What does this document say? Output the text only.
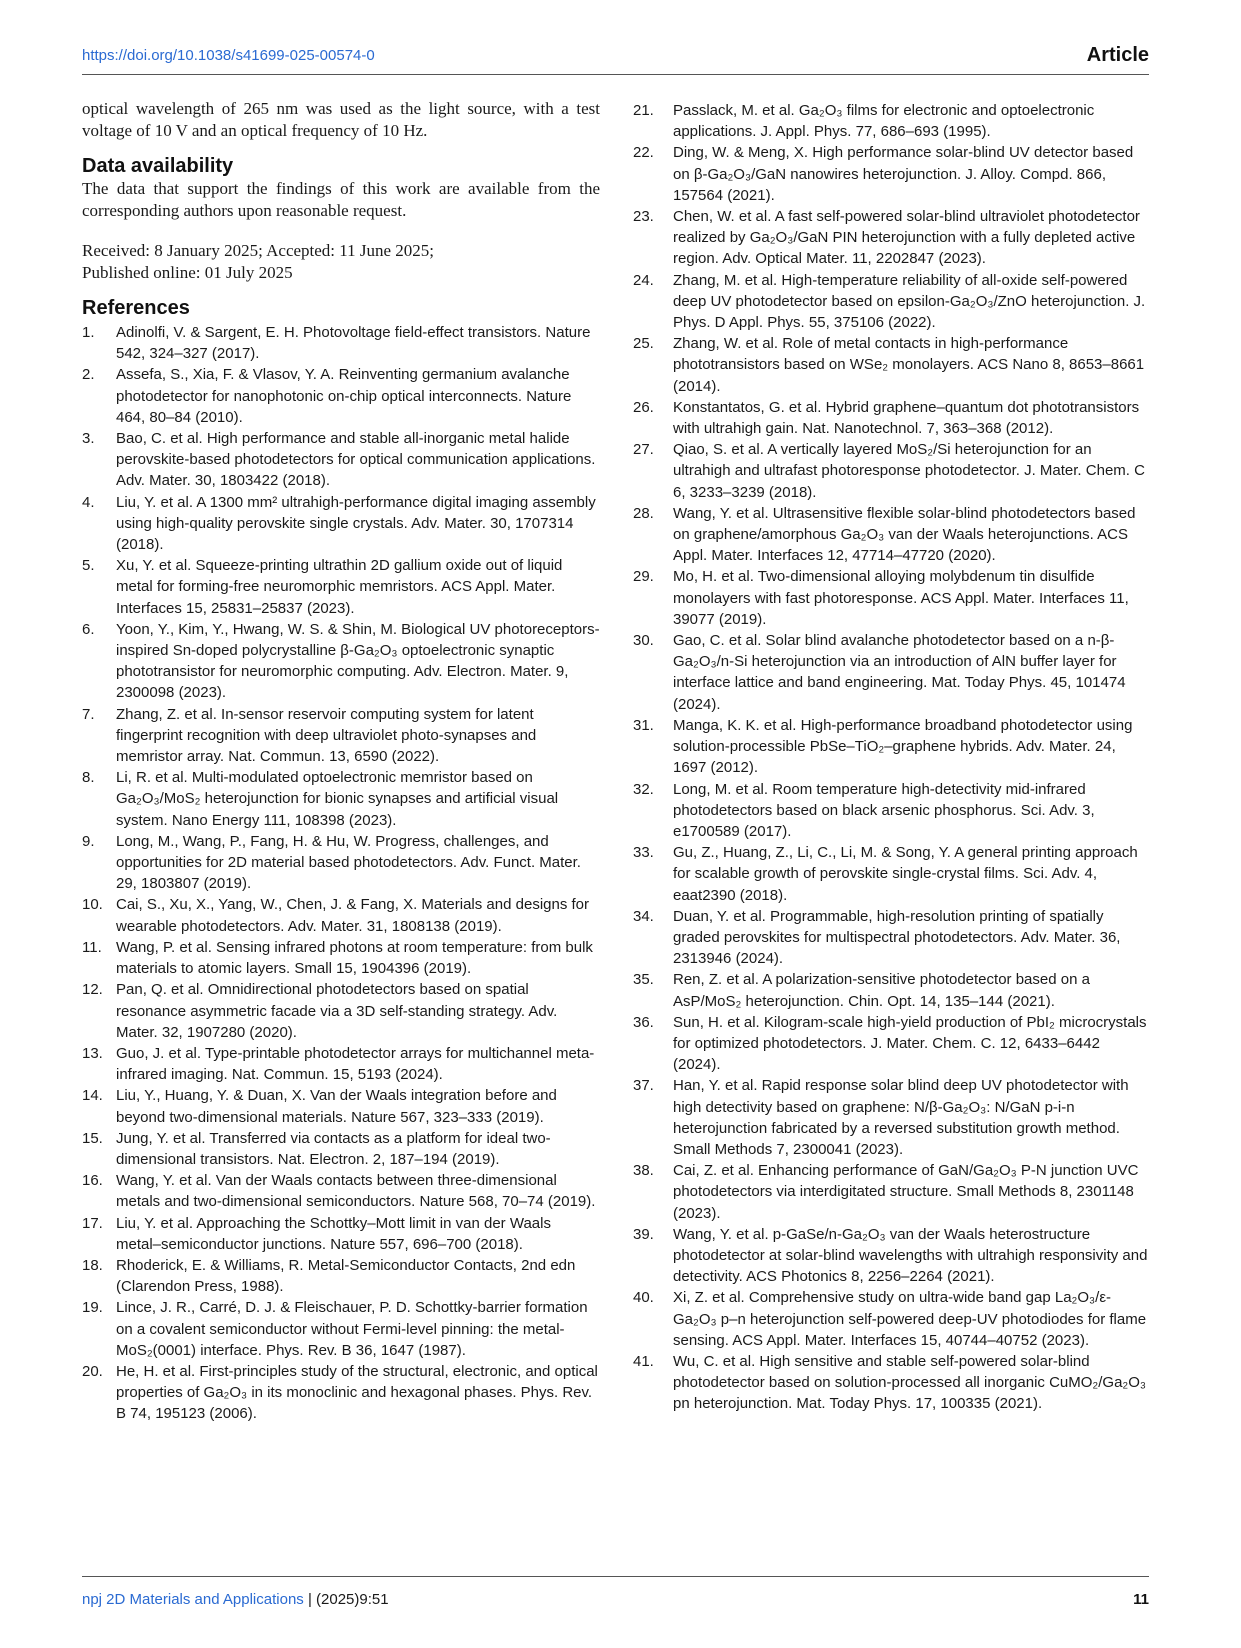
https://doi.org/10.1038/s41699-025-00574-0	Article

optical wavelength of 265 nm was used as the light source, with a test voltage of 10 V and an optical frequency of 10 Hz.

Data availability

The data that support the findings of this work are available from the corresponding authors upon reasonable request.

Received: 8 January 2025; Accepted: 11 June 2025;

Published online: 01 July 2025

References
1.	Adinolfi, V. & Sargent, E. H. Photovoltage field-effect transistors. Nature 542, 324–327 (2017).
2.	Assefa, S., Xia, F. & Vlasov, Y. A. Reinventing germanium avalanche photodetector for nanophotonic on-chip optical interconnects. Nature 464, 80–84 (2010).
3.	Bao, C. et al. High performance and stable all-inorganic metal halide perovskite-based photodetectors for optical communication applications. Adv. Mater. 30, 1803422 (2018).
4.	Liu, Y. et al. A 1300 mm² ultrahigh-performance digital imaging assembly using high-quality perovskite single crystals. Adv. Mater. 30, 1707314 (2018).
5.	Xu, Y. et al. Squeeze-printing ultrathin 2D gallium oxide out of liquid metal for forming-free neuromorphic memristors. ACS Appl. Mater. Interfaces 15, 25831–25837 (2023).
6.	Yoon, Y., Kim, Y., Hwang, W. S. & Shin, M. Biological UV photoreceptors-inspired Sn-doped polycrystalline β-Ga₂O₃ optoelectronic synaptic phototransistor for neuromorphic computing. Adv. Electron. Mater. 9, 2300098 (2023).
7.	Zhang, Z. et al. In-sensor reservoir computing system for latent fingerprint recognition with deep ultraviolet photo-synapses and memristor array. Nat. Commun. 13, 6590 (2022).
8.	Li, R. et al. Multi-modulated optoelectronic memristor based on Ga₂O₃/MoS₂ heterojunction for bionic synapses and artificial visual system. Nano Energy 111, 108398 (2023).
9.	Long, M., Wang, P., Fang, H. & Hu, W. Progress, challenges, and opportunities for 2D material based photodetectors. Adv. Funct. Mater. 29, 1803807 (2019).
10. Cai, S., Xu, X., Yang, W., Chen, J. & Fang, X. Materials and designs for wearable photodetectors. Adv. Mater. 31, 1808138 (2019).
11. Wang, P. et al. Sensing infrared photons at room temperature: from bulk materials to atomic layers. Small 15, 1904396 (2019).
12. Pan, Q. et al. Omnidirectional photodetectors based on spatial resonance asymmetric facade via a 3D self-standing strategy. Adv. Mater. 32, 1907280 (2020).
13. Guo, J. et al. Type-printable photodetector arrays for multichannel meta-infrared imaging. Nat. Commun. 15, 5193 (2024).
14. Liu, Y., Huang, Y. & Duan, X. Van der Waals integration before and beyond two-dimensional materials. Nature 567, 323–333 (2019).
15. Jung, Y. et al. Transferred via contacts as a platform for ideal two-dimensional transistors. Nat. Electron. 2, 187–194 (2019).
16. Wang, Y. et al. Van der Waals contacts between three-dimensional metals and two-dimensional semiconductors. Nature 568, 70–74 (2019).
17. Liu, Y. et al. Approaching the Schottky–Mott limit in van der Waals metal–semiconductor junctions. Nature 557, 696–700 (2018).
18. Rhoderick, E. & Williams, R. Metal-Semiconductor Contacts, 2nd edn (Clarendon Press, 1988).
19. Lince, J. R., Carré, D. J. & Fleischauer, P. D. Schottky-barrier formation on a covalent semiconductor without Fermi-level pinning: the metal-MoS₂(0001) interface. Phys. Rev. B 36, 1647 (1987).
20. He, H. et al. First-principles study of the structural, electronic, and optical properties of Ga₂O₃ in its monoclinic and hexagonal phases. Phys. Rev. B 74, 195123 (2006).
21.	Passlack, M. et al. Ga₂O₃ films for electronic and optoelectronic applications. J. Appl. Phys. 77, 686–693 (1995).
22.	Ding, W. & Meng, X. High performance solar-blind UV detector based on β-Ga₂O₃/GaN nanowires heterojunction. J. Alloy. Compd. 866, 157564 (2021).
23.	Chen, W. et al. A fast self-powered solar-blind ultraviolet photodetector realized by Ga₂O₃/GaN PIN heterojunction with a fully depleted active region. Adv. Optical Mater. 11, 2202847 (2023).
24.	Zhang, M. et al. High-temperature reliability of all-oxide self-powered deep UV photodetector based on epsilon-Ga₂O₃/ZnO heterojunction. J. Phys. D Appl. Phys. 55, 375106 (2022).
25.	Zhang, W. et al. Role of metal contacts in high-performance phototransistors based on WSe₂ monolayers. ACS Nano 8, 8653–8661 (2014).
26.	Konstantatos, G. et al. Hybrid graphene–quantum dot phototransistors with ultrahigh gain. Nat. Nanotechnol. 7, 363–368 (2012).
27.	Qiao, S. et al. A vertically layered MoS₂/Si heterojunction for an ultrahigh and ultrafast photoresponse photodetector. J. Mater. Chem. C 6, 3233–3239 (2018).
28.	Wang, Y. et al. Ultrasensitive flexible solar-blind photodetectors based on graphene/amorphous Ga₂O₃ van der Waals heterojunctions. ACS Appl. Mater. Interfaces 12, 47714–47720 (2020).
29.	Mo, H. et al. Two-dimensional alloying molybdenum tin disulfide monolayers with fast photoresponse. ACS Appl. Mater. Interfaces 11, 39077 (2019).
30.	Gao, C. et al. Solar blind avalanche photodetector based on a n-β-Ga₂O₃/n-Si heterojunction via an introduction of AlN buffer layer for interface lattice and band engineering. Mat. Today Phys. 45, 101474 (2024).
31.	Manga, K. K. et al. High-performance broadband photodetector using solution-processible PbSe–TiO₂–graphene hybrids. Adv. Mater. 24, 1697 (2012).
32.	Long, M. et al. Room temperature high-detectivity mid-infrared photodetectors based on black arsenic phosphorus. Sci. Adv. 3, e1700589 (2017).
33.	Gu, Z., Huang, Z., Li, C., Li, M. & Song, Y. A general printing approach for scalable growth of perovskite single-crystal films. Sci. Adv. 4, eaat2390 (2018).
34.	Duan, Y. et al. Programmable, high-resolution printing of spatially graded perovskites for multispectral photodetectors. Adv. Mater. 36, 2313946 (2024).
35.	Ren, Z. et al. A polarization-sensitive photodetector based on a AsP/MoS₂ heterojunction. Chin. Opt. 14, 135–144 (2021).
36.	Sun, H. et al. Kilogram-scale high-yield production of PbI₂ microcrystals for optimized photodetectors. J. Mater. Chem. C. 12, 6433–6442 (2024).
37.	Han, Y. et al. Rapid response solar blind deep UV photodetector with high detectivity based on graphene: N/β-Ga₂O₃: N/GaN p-i-n heterojunction fabricated by a reversed substitution growth method. Small Methods 7, 2300041 (2023).
38.	Cai, Z. et al. Enhancing performance of GaN/Ga₂O₃ P-N junction UVC photodetectors via interdigitated structure. Small Methods 8, 2301148 (2023).
39.	Wang, Y. et al. p-GaSe/n-Ga₂O₃ van der Waals heterostructure photodetector at solar-blind wavelengths with ultrahigh responsivity and detectivity. ACS Photonics 8, 2256–2264 (2021).
40.	Xi, Z. et al. Comprehensive study on ultra-wide band gap La₂O₃/ε-Ga₂O₃ p–n heterojunction self-powered deep-UV photodiodes for flame sensing. ACS Appl. Mater. Interfaces 15, 40744–40752 (2023).
41.	Wu, C. et al. High sensitive and stable self-powered solar-blind photodetector based on solution-processed all inorganic CuMO₂/Ga₂O₃ pn heterojunction. Mat. Today Phys. 17, 100335 (2021).
npj 2D Materials and Applications | (2025)9:51	11
